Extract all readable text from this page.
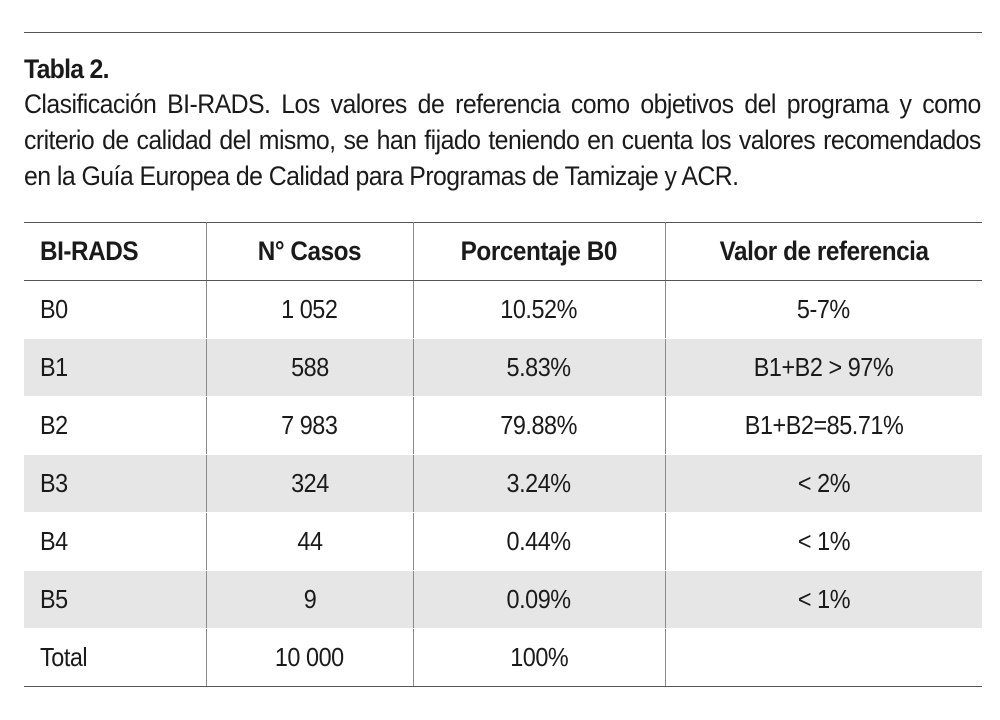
Tabla 2.

Clasificación BI-RADS. Los valores de referencia como objetivos del programa y como criterio de calidad del mismo, se han fijado teniendo en cuenta los valores recomendados en la Guía Europea de Calidad para Programas de Tamizaje y ACR.

BI-RADS	N° Casos	Porcentaje B0	Valor de referencia
B0	1 052	10.52%	5-7%
B1	588	5.83%	B1+B2 > 97%
B2	7 983	79.88%	B1+B2=85.71%
B3	324	3.24%	< 2%
B4	44	0.44%	< 1%
B5	9	0.09%	< 1%
Total	10 000	100%	
